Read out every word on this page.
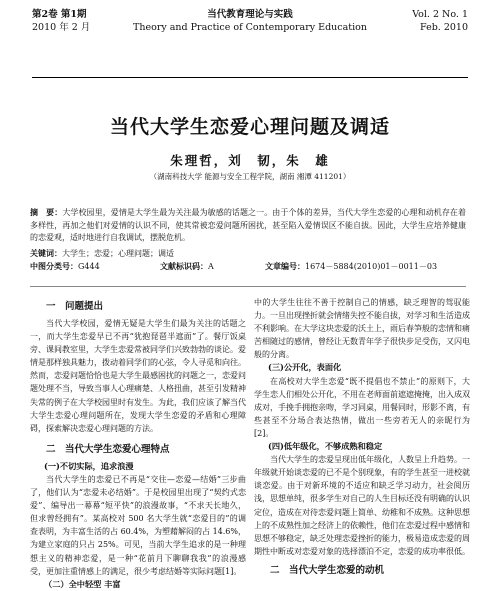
第2卷 第1期
2010 年 2 月
当代教育理论与实践
Theory and Practice of Contemporary Education
Vol. 2 No. 1
Feb. 2010
当代大学生恋爱心理问题及调适
朱理哲，刘　韧，朱　雄
（湖南科技大学 能源与安全工程学院，湖南 湘潭 411201）
摘　要：大学校园里，爱情是大学生最为关注最为敏感的话题之一。由于个体的差异，当代大学生恋爱的心理和动机存在着多样性，再加之他们对爱情的认识不同，使其常被恋爱问题所困扰，甚至陷入爱情误区不能自拔。因此，大学生应培养健康的恋爱观，适时地进行自我调试，摆脱危机。
关键词：大学生；恋爱；心理问题；调适
中图分类号：G444	文献标识码：A	文章编号：1674－5884(2010)01－0011－03
一　问题提出

当代大学校园，爱情无疑是大学生们最为关注的话题之一，而大学生恋爱早已不再“犹抱琵琶半遮面”了。餐厅饭桌旁、课间教室里，大学生恋爱常被同学们兴致勃勃的谈论。爱情是那样独具魅力，拨动着同学们的心弦，令人寻觅和向往。然而，恋爱问题恰恰也是大学生最感困扰的问题之一，恋爱问题处理不当，导致当事人心理痛楚、人格扭曲，甚至引发精神失常的例子在大学校园里时有发生。为此，我们应该了解当代大学生恋爱心理问题所在，发现大学生恋爱的矛盾和心理障碍，探索解决恋爱心理问题的方法。

二　当代大学生恋爱心理特点
(一)不切实际，追求浪漫

当代大学生的恋爱已不再是“交往—恋爱—结婚”三步曲了，他们认为“恋爱未必结婚”。于是校园里出现了“契约式恋爱”、编导出一幕幕“短平快”的浪漫故事，“不求天长地久，但求曾经拥有”。某高校对 500 名大学生就“恋爱目的”的调查表明，为丰富生活的占 60.4%，为塑藉解闷的占 14.6%，为建立家庭的只占 25%。可见，当前大学生追求的是一种理想主义的精神恋爱，是一种“花前月下聊聊我我”的浪漫感受，更加注重情感上的满足，很少考虑结婚等实际问题[1]。

（二）全中轻型 丰富

中的大学生往往不善于控制自己的情感，缺乏理智的驾驭能力。一旦出现挫折就会情绪失控不能自拔，对学习和生活造成不利影响。在大学这块恋爱的沃土上，雨后春笋般的恋情和痛苦相随过的感情，曾经让无数青年学子很快步足受伤，又闪电般的分离。

(三)公开化，表面化

在高校对大学生恋爱“既不提倡也不禁止”的原则下，大学生恋人们相处公开化，不用在老师面前遮遮掩掩，出入成双成对，手挽手拥抱亲吻，学习同桌，用餐同时，形影不离，有些甚至不分场合表达热情，做出一些旁若无人的亲昵行为[2]。

(四)低年级化，不够成熟和稳定

当代大学生的恋爱呈现出低年级化，人数呈上升趋势。一年级就开始谈恋爱的已不是个别现象，有的学生甚至一进校就谈恋爱。由于对新环境的不适应和缺乏学习动力，社会阅历浅，思想单纯，很多学生对自己的人生目标还没有明确的认识定位，造成在对待恋爱问题上简单、幼稚和不成熟。这种思想上的不成熟性加之经济上的依赖性，他们在恋爱过程中感情和思想不够稳定，缺乏处理恋爱挫折的能力，极易造成恋爱的周期性中断或对恋爱对象的选择漂泊不定，恋爱的成功率很低。

二　当代大学生恋爱的动机
